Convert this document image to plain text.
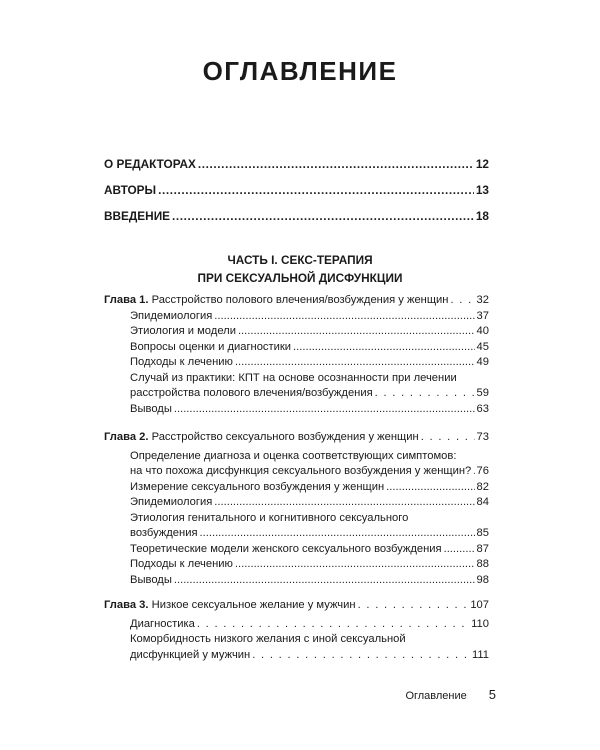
ОГЛАВЛЕНИЕ
О РЕДАКТОРАХ .....	12
АВТОРЫ .....	13
ВВЕДЕНИЕ .....	18
ЧАСТЬ I. СЕКС-ТЕРАПИЯ
ПРИ СЕКСУАЛЬНОЙ ДИСФУНКЦИИ
Глава 1. Расстройство полового влечения/возбуждения у женщин . . .	32
Эпидемиология .....	37
Этиология и модели .....	40
Вопросы оценки и диагностики .....	45
Подходы к лечению .....	49
Случай из практики: КПТ на основе осознанности при лечении
расстройства полового влечения/возбуждения . . .	59
Выводы .....	63
Глава 2. Расстройство сексуального возбуждения у женщин . . .	73
Определение диагноза и оценка соответствующих симптомов:
на что похожа дисфункция сексуального возбуждения у женщин? ..... 76
Измерение сексуального возбуждения у женщин .....	82
Эпидемиология .....	84
Этиология генитального и когнитивного сексуального
возбуждения .....	85
Теоретические модели женского сексуального возбуждения .....	87
Подходы к лечению .....	88
Выводы .....	98
Глава 3. Низкое сексуальное желание у мужчин . . .	107
Диагностика . . .	110
Коморбидность низкого желания с иной сексуальной
дисфункцией у мужчин . . .	111
Оглавление 5
